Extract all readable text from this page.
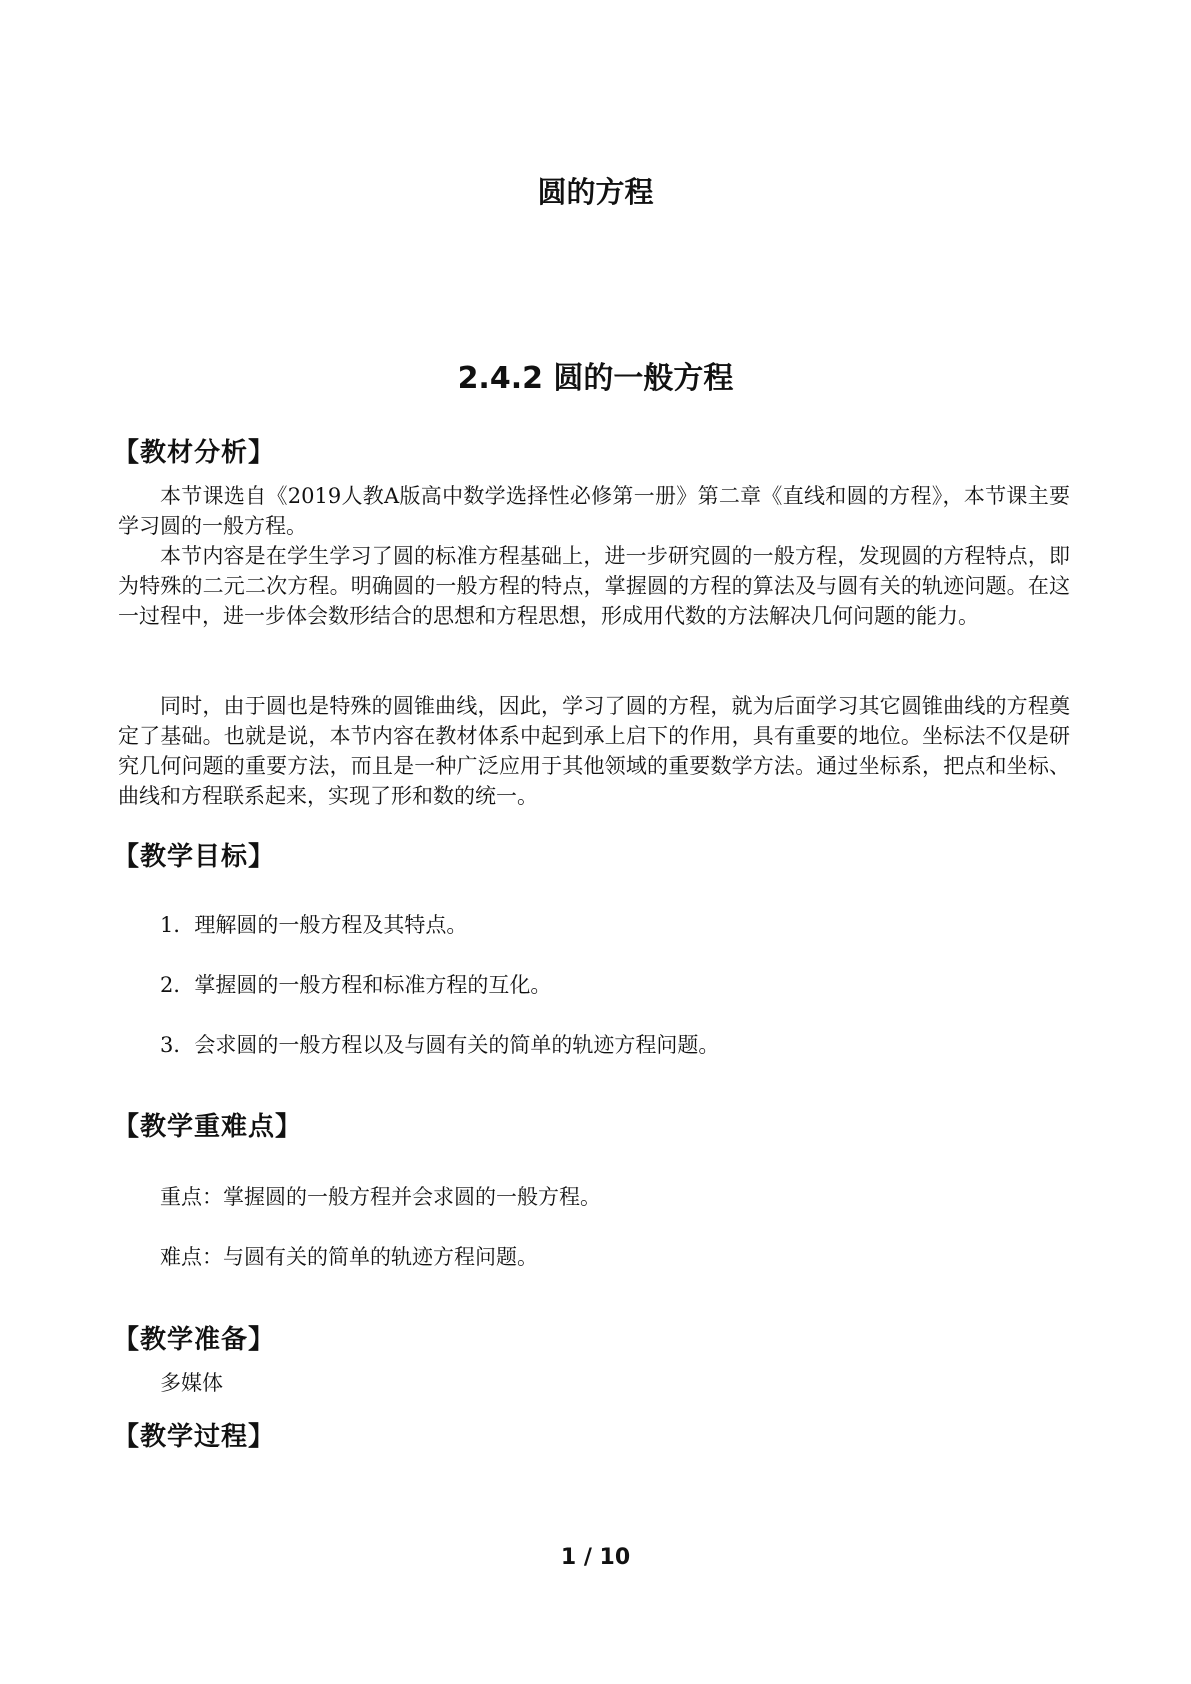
圆的方程
2.4.2 圆的一般方程
【教材分析】

本节课选自《2019人教A版高中数学选择性必修第一册》第二章《直线和圆的方程》，本节课主要学习圆的一般方程。

本节内容是在学生学习了圆的标准方程基础上，进一步研究圆的一般方程，发现圆的方程特点，即为特殊的二元二次方程。明确圆的一般方程的特点，掌握圆的方程的算法及与圆有关的轨迹问题。在这一过程中，进一步体会数形结合的思想和方程思想，形成用代数的方法解决几何问题的能力。

同时，由于圆也是特殊的圆锥曲线，因此，学习了圆的方程，就为后面学习其它圆锥曲线的方程奠定了基础。也就是说，本节内容在教材体系中起到承上启下的作用，具有重要的地位。坐标法不仅是研究几何问题的重要方法，而且是一种广泛应用于其他领域的重要数学方法。通过坐标系，把点和坐标、曲线和方程联系起来，实现了形和数的统一。

【教学目标】
1．理解圆的一般方程及其特点。
2．掌握圆的一般方程和标准方程的互化。
3．会求圆的一般方程以及与圆有关的简单的轨迹方程问题。
【教学重难点】
重点：掌握圆的一般方程并会求圆的一般方程。
难点：与圆有关的简单的轨迹方程问题。
【教学准备】
多媒体
【教学过程】
1 / 10
